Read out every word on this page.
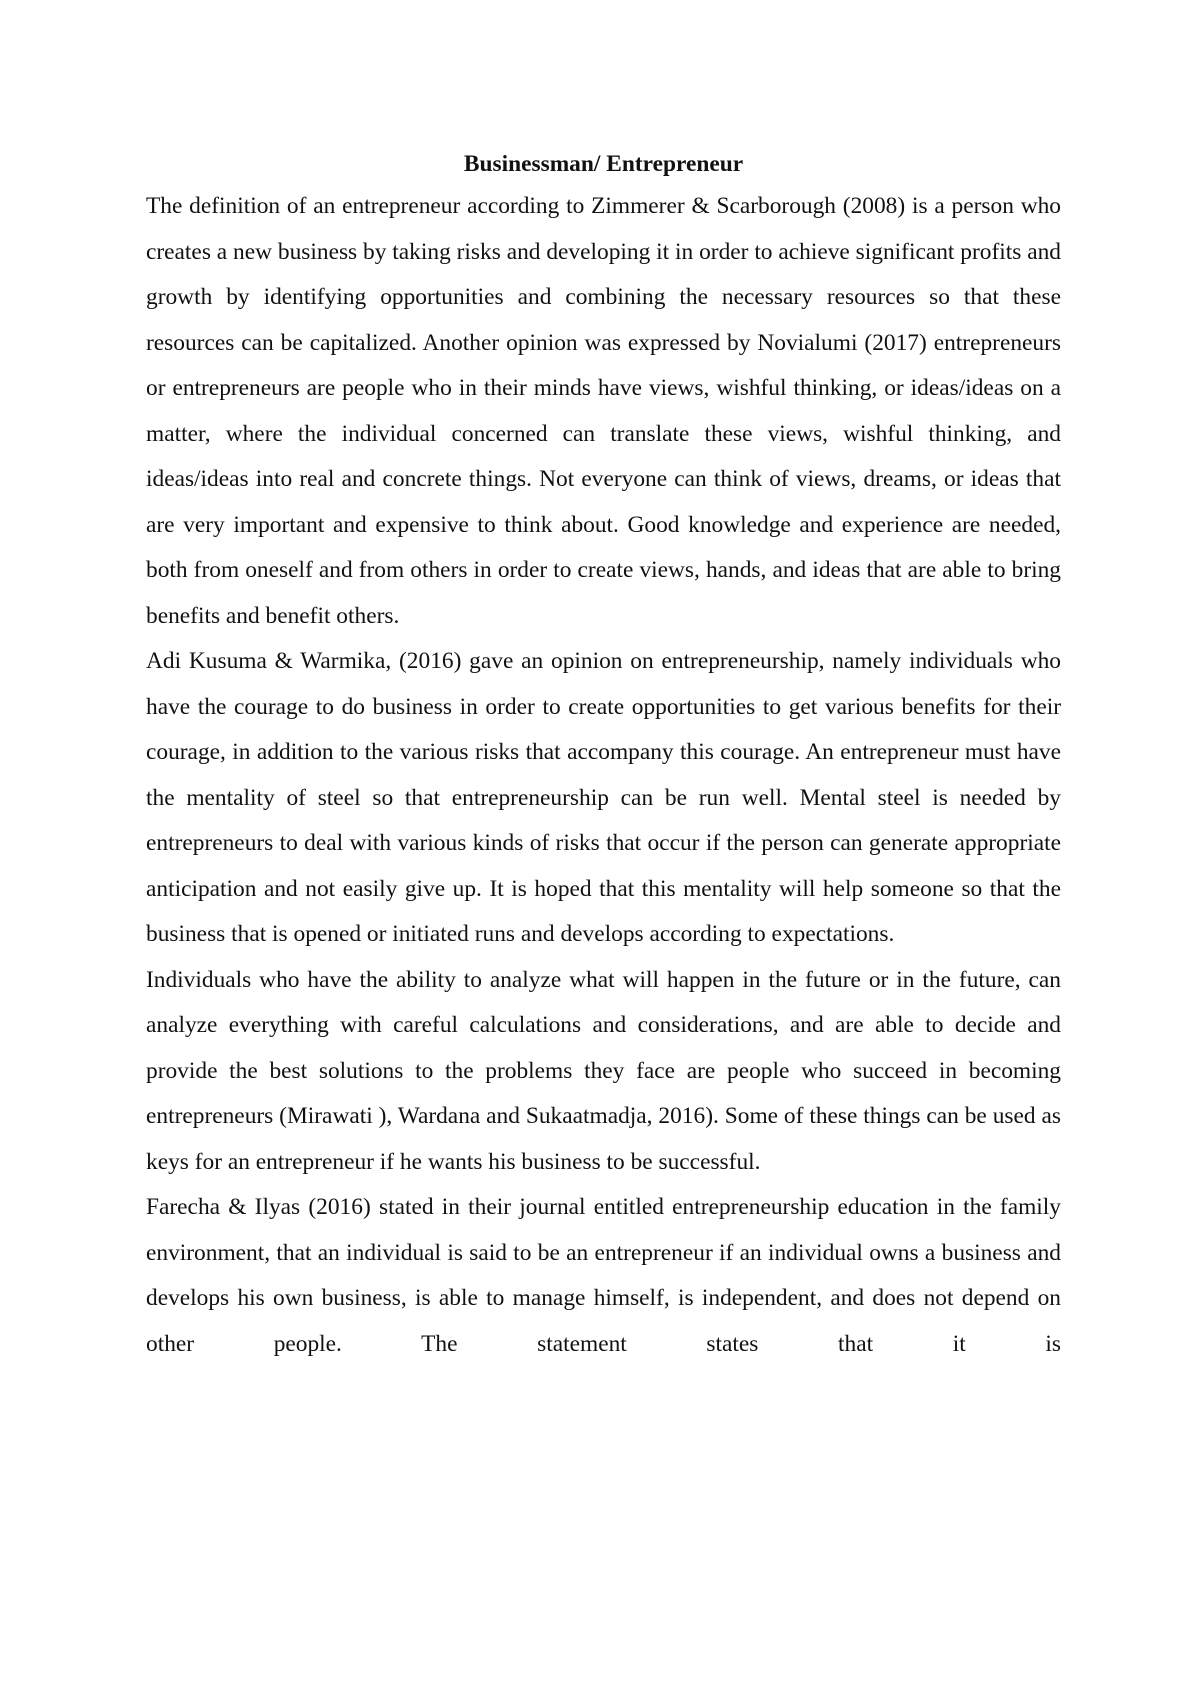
Businessman/ Entrepreneur

The definition of an entrepreneur according to Zimmerer & Scarborough (2008) is a person who creates a new business by taking risks and developing it in order to achieve significant profits and growth by identifying opportunities and combining the necessary resources so that these resources can be capitalized. Another opinion was expressed by Novialumi (2017) entrepreneurs or entrepreneurs are people who in their minds have views, wishful thinking, or ideas/ideas on a matter, where the individual concerned can translate these views, wishful thinking, and ideas/ideas into real and concrete things. Not everyone can think of views, dreams, or ideas that are very important and expensive to think about. Good knowledge and experience are needed, both from oneself and from others in order to create views, hands, and ideas that are able to bring benefits and benefit others.

Adi Kusuma & Warmika, (2016) gave an opinion on entrepreneurship, namely individuals who have the courage to do business in order to create opportunities to get various benefits for their courage, in addition to the various risks that accompany this courage. An entrepreneur must have the mentality of steel so that entrepreneurship can be run well. Mental steel is needed by entrepreneurs to deal with various kinds of risks that occur if the person can generate appropriate anticipation and not easily give up. It is hoped that this mentality will help someone so that the business that is opened or initiated runs and develops according to expectations.

Individuals who have the ability to analyze what will happen in the future or in the future, can analyze everything with careful calculations and considerations, and are able to decide and provide the best solutions to the problems they face are people who succeed in becoming entrepreneurs (Mirawati ), Wardana and Sukaatmadja, 2016). Some of these things can be used as keys for an entrepreneur if he wants his business to be successful.

Farecha & Ilyas (2016) stated in their journal entitled entrepreneurship education in the family environment, that an individual is said to be an entrepreneur if an individual owns a business and develops his own business, is able to manage himself, is independent, and does not depend on other people. The statement states that it is
